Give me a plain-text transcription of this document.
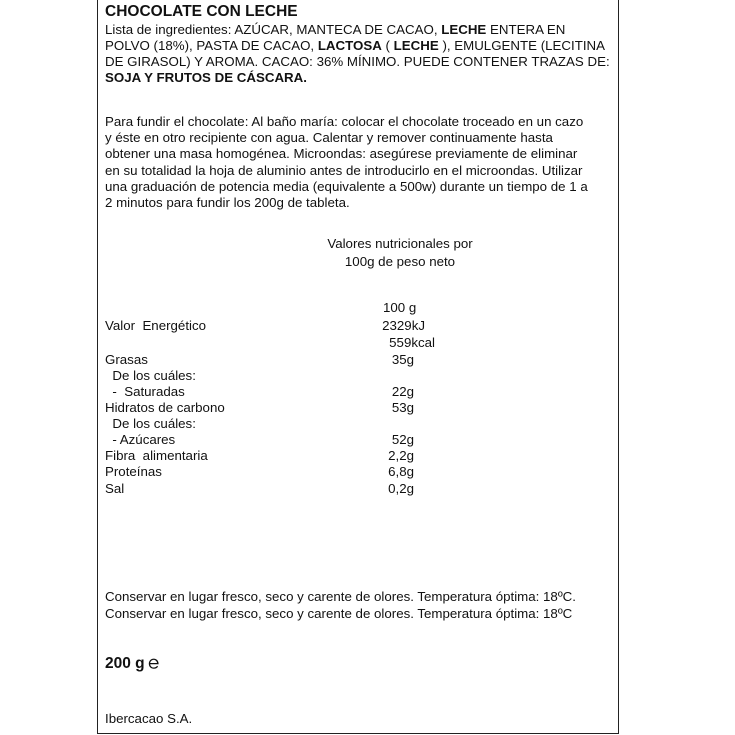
CHOCOLATE CON LECHE
Lista de ingredientes: AZÚCAR, MANTECA DE CACAO, LECHE ENTERA EN POLVO (18%), PASTA DE CACAO, LACTOSA ( LECHE ), EMULGENTE (LECITINA DE GIRASOL) Y AROMA. CACAO: 36% MÍNIMO. PUEDE CONTENER TRAZAS DE: SOJA Y FRUTOS DE CÁSCARA.
Para fundir el chocolate: Al baño maría: colocar el chocolate troceado en un cazo
y éste en otro recipiente con agua. Calentar y remover continuamente hasta
obtener una masa homogénea. Microondas: asegúrese previamente de eliminar
en su totalidad la hoja de aluminio antes de introducirlo en el microondas. Utilizar
una graduación de potencia media (equivalente a 500w) durante un tiempo de 1 a
2 minutos para fundir los 200g de tableta.
Valores nutricionales por
100g de peso neto
100 g
Valor  Energético	2329kJ
559kcal
Grasas	35g
De los cuáles:
-  Saturadas	22g
Hidratos de carbono	53g
De los cuáles:
- Azúcares	52g
Fibra  alimentaria	2,2g
Proteínas	6,8g
Sal	0,2g
Conservar en lugar fresco, seco y carente de olores. Temperatura óptima: 18ºC.
Conservar en lugar fresco, seco y carente de olores. Temperatura óptima: 18ºC
200 g
Ibercacao S.A.
